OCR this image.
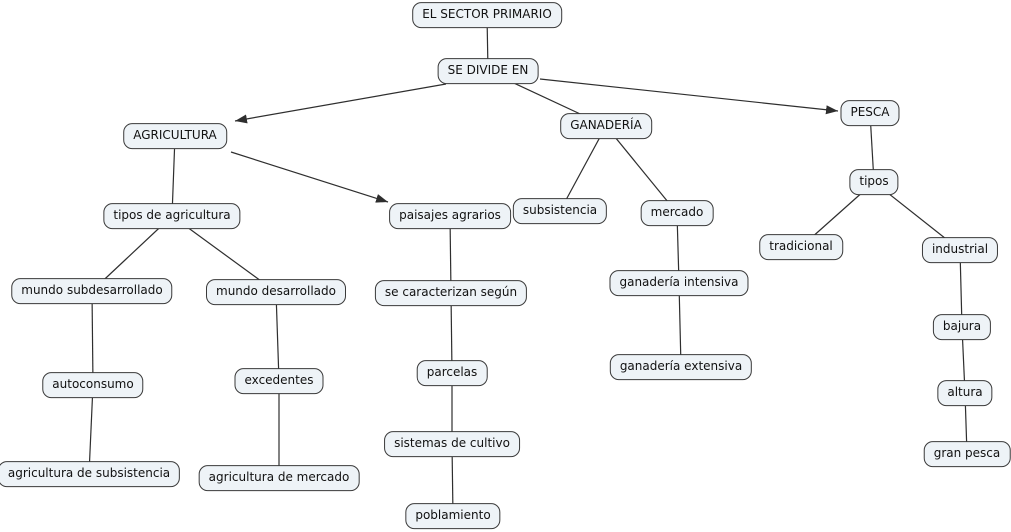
EL SECTOR PRIMARIO
SE DIVIDE EN
AGRICULTURA
GANADERÍA
PESCA
tipos de agricultura	paisajes agrarios	subsistencia	mercado
tipos
tradicional	industrial
mundo subdesarrollado	mundo desarrollado	se caracterizan según
ganadería intensiva
autoconsumo	excedentes
parcelas	ganadería extensiva
bajura
altura
agricultura de subsistencia	agricultura de mercado
sistemas de cultivo
poblamiento
gran pesca
